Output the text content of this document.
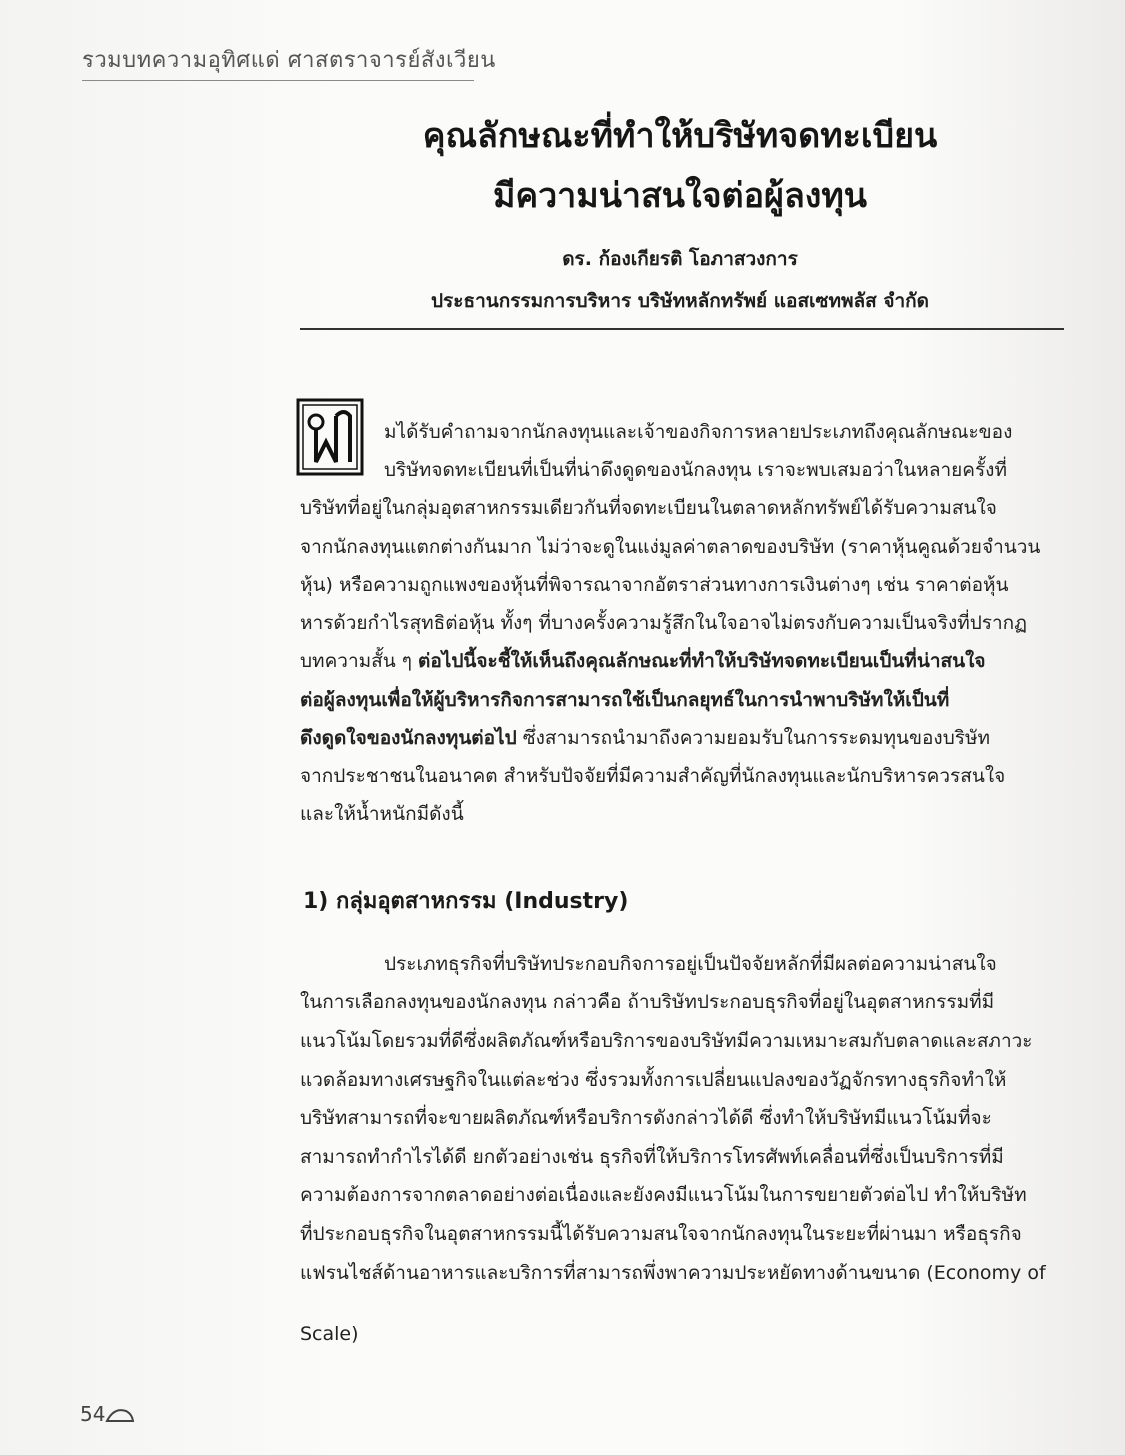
รวมบทความอุทิศแด่ ศาสตราจารย์สังเวียน
คุณลักษณะที่ทำให้บริษัทจดทะเบียน
มีความน่าสนใจต่อผู้ลงทุน
ดร. ก้องเกียรติ โอภาสวงการ
ประธานกรรมการบริหาร บริษัทหลักทรัพย์ แอสเซทพลัส จำกัด
มได้รับคำถามจากนักลงทุนและเจ้าของกิจการหลายประเภทถึงคุณลักษณะของ
บริษัทจดทะเบียนที่เป็นที่น่าดึงดูดของนักลงทุน เราจะพบเสมอว่าในหลายครั้งที่
บริษัทที่อยู่ในกลุ่มอุตสาหกรรมเดียวกันที่จดทะเบียนในตลาดหลักทรัพย์ได้รับความสนใจ
จากนักลงทุนแตกต่างกันมาก ไม่ว่าจะดูในแง่มูลค่าตลาดของบริษัท (ราคาหุ้นคูณด้วยจำนวน
หุ้น) หรือความถูกแพงของหุ้นที่พิจารณาจากอัตราส่วนทางการเงินต่างๆ เช่น ราคาต่อหุ้น
หารด้วยกำไรสุทธิต่อหุ้น ทั้งๆ ที่บางครั้งความรู้สึกในใจอาจไม่ตรงกับความเป็นจริงที่ปรากฏ
บทความสั้น ๆ ต่อไปนี้จะชี้ให้เห็นถึงคุณลักษณะที่ทำให้บริษัทจดทะเบียนเป็นที่น่าสนใจ
ต่อผู้ลงทุนเพื่อให้ผู้บริหารกิจการสามารถใช้เป็นกลยุทธ์ในการนำพาบริษัทให้เป็นที่
ดึงดูดใจของนักลงทุนต่อไป ซึ่งสามารถนำมาถึงความยอมรับในการระดมทุนของบริษัท
จากประชาชนในอนาคต สำหรับปัจจัยที่มีความสำคัญที่นักลงทุนและนักบริหารควรสนใจ
และให้น้ำหนักมีดังนี้
1) กลุ่มอุตสาหกรรม (Industry)
ประเภทธุรกิจที่บริษัทประกอบกิจการอยู่เป็นปัจจัยหลักที่มีผลต่อความน่าสนใจ
ในการเลือกลงทุนของนักลงทุน กล่าวคือ ถ้าบริษัทประกอบธุรกิจที่อยู่ในอุตสาหกรรมที่มี
แนวโน้มโดยรวมที่ดีซึ่งผลิตภัณฑ์หรือบริการของบริษัทมีความเหมาะสมกับตลาดและสภาวะ
แวดล้อมทางเศรษฐกิจในแต่ละช่วง ซึ่งรวมทั้งการเปลี่ยนแปลงของวัฏจักรทางธุรกิจทำให้
บริษัทสามารถที่จะขายผลิตภัณฑ์หรือบริการดังกล่าวได้ดี ซึ่งทำให้บริษัทมีแนวโน้มที่จะ
สามารถทำกำไรได้ดี ยกตัวอย่างเช่น ธุรกิจที่ให้บริการโทรศัพท์เคลื่อนที่ซึ่งเป็นบริการที่มี
ความต้องการจากตลาดอย่างต่อเนื่องและยังคงมีแนวโน้มในการขยายตัวต่อไป ทำให้บริษัท
ที่ประกอบธุรกิจในอุตสาหกรรมนี้ได้รับความสนใจจากนักลงทุนในระยะที่ผ่านมา หรือธุรกิจ
แฟรนไชส์ด้านอาหารและบริการที่สามารถพึ่งพาความประหยัดทางด้านขนาด (Economy of
Scale)
54
